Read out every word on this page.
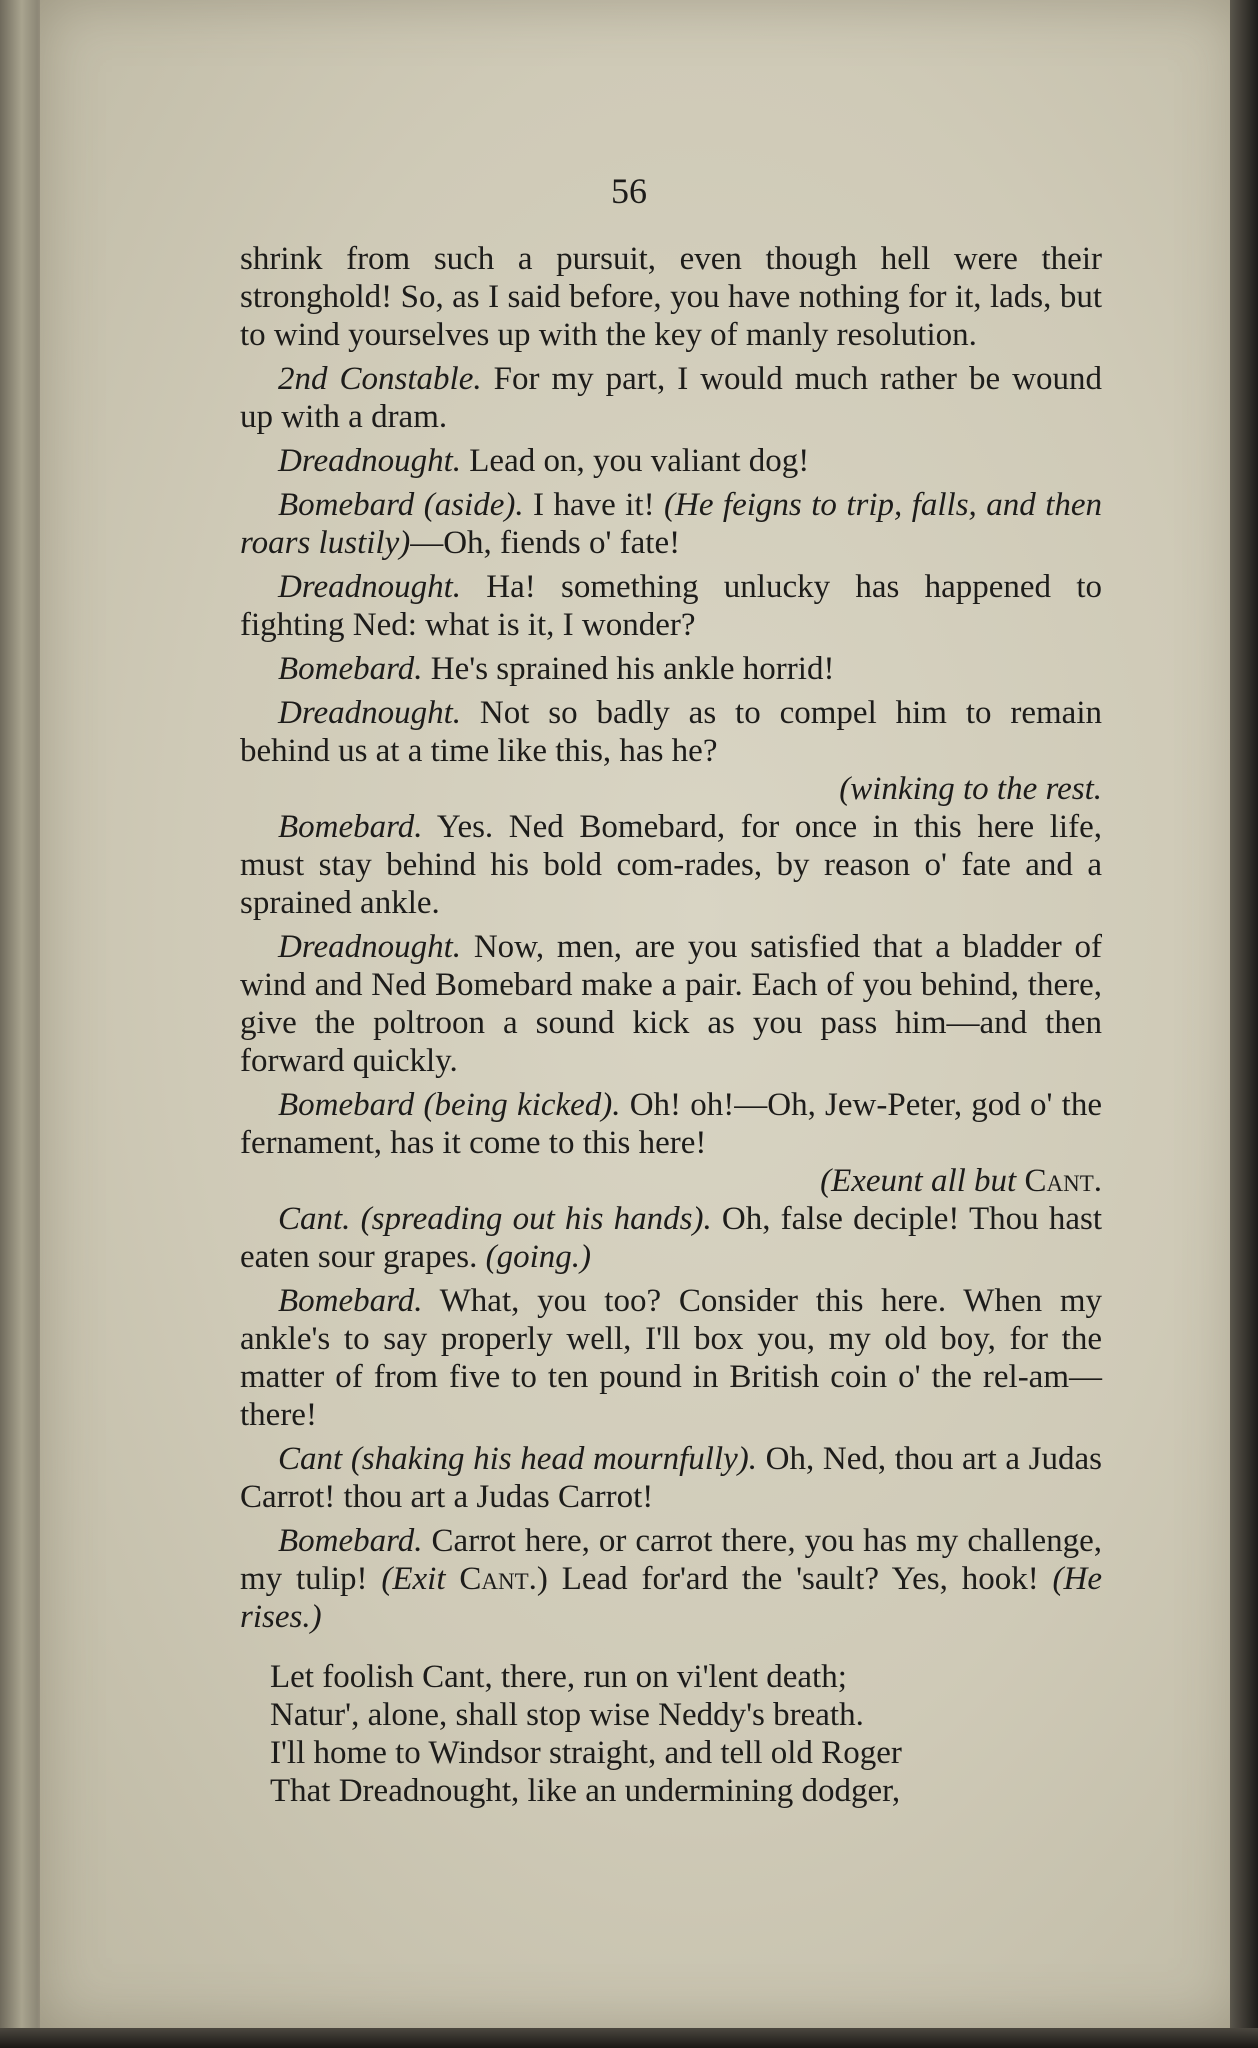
56

shrink from such a pursuit, even though hell were their stronghold! So, as I said before, you have nothing for it, lads, but to wind yourselves up with the key of manly resolution.

2nd Constable. For my part, I would much rather be wound up with a dram.

Dreadnought. Lead on, you valiant dog!

Bomebard (aside). I have it! (He feigns to trip, falls, and then roars lustily)—Oh, fiends o' fate!

Dreadnought. Ha! something unlucky has happened to fighting Ned: what is it, I wonder?

Bomebard. He's sprained his ankle horrid!

Dreadnought. Not so badly as to compel him to remain behind us at a time like this, has he?

(winking to the rest.

Bomebard. Yes. Ned Bomebard, for once in this here life, must stay behind his bold com-rades, by reason o' fate and a sprained ankle.

Dreadnought. Now, men, are you satisfied that a bladder of wind and Ned Bomebard make a pair. Each of you behind, there, give the poltroon a sound kick as you pass him—and then forward quickly.

Bomebard (being kicked). Oh! oh!—Oh, Jew-Peter, god o' the fernament, has it come to this here!

(Exeunt all but Cant.

Cant. (spreading out his hands). Oh, false deciple! Thou hast eaten sour grapes. (going.)

Bomebard. What, you too? Consider this here. When my ankle's to say properly well, I'll box you, my old boy, for the matter of from five to ten pound in British coin o' the rel-am—there!

Cant (shaking his head mournfully). Oh, Ned, thou art a Judas Carrot! thou art a Judas Carrot!

Bomebard. Carrot here, or carrot there, you has my challenge, my tulip! (Exit Cant.) Lead for'ard the 'sault? Yes, hook! (He rises.)

Let foolish Cant, there, run on vi'lent death;
Natur', alone, shall stop wise Neddy's breath.
I'll home to Windsor straight, and tell old Roger
That Dreadnought, like an undermining dodger,
